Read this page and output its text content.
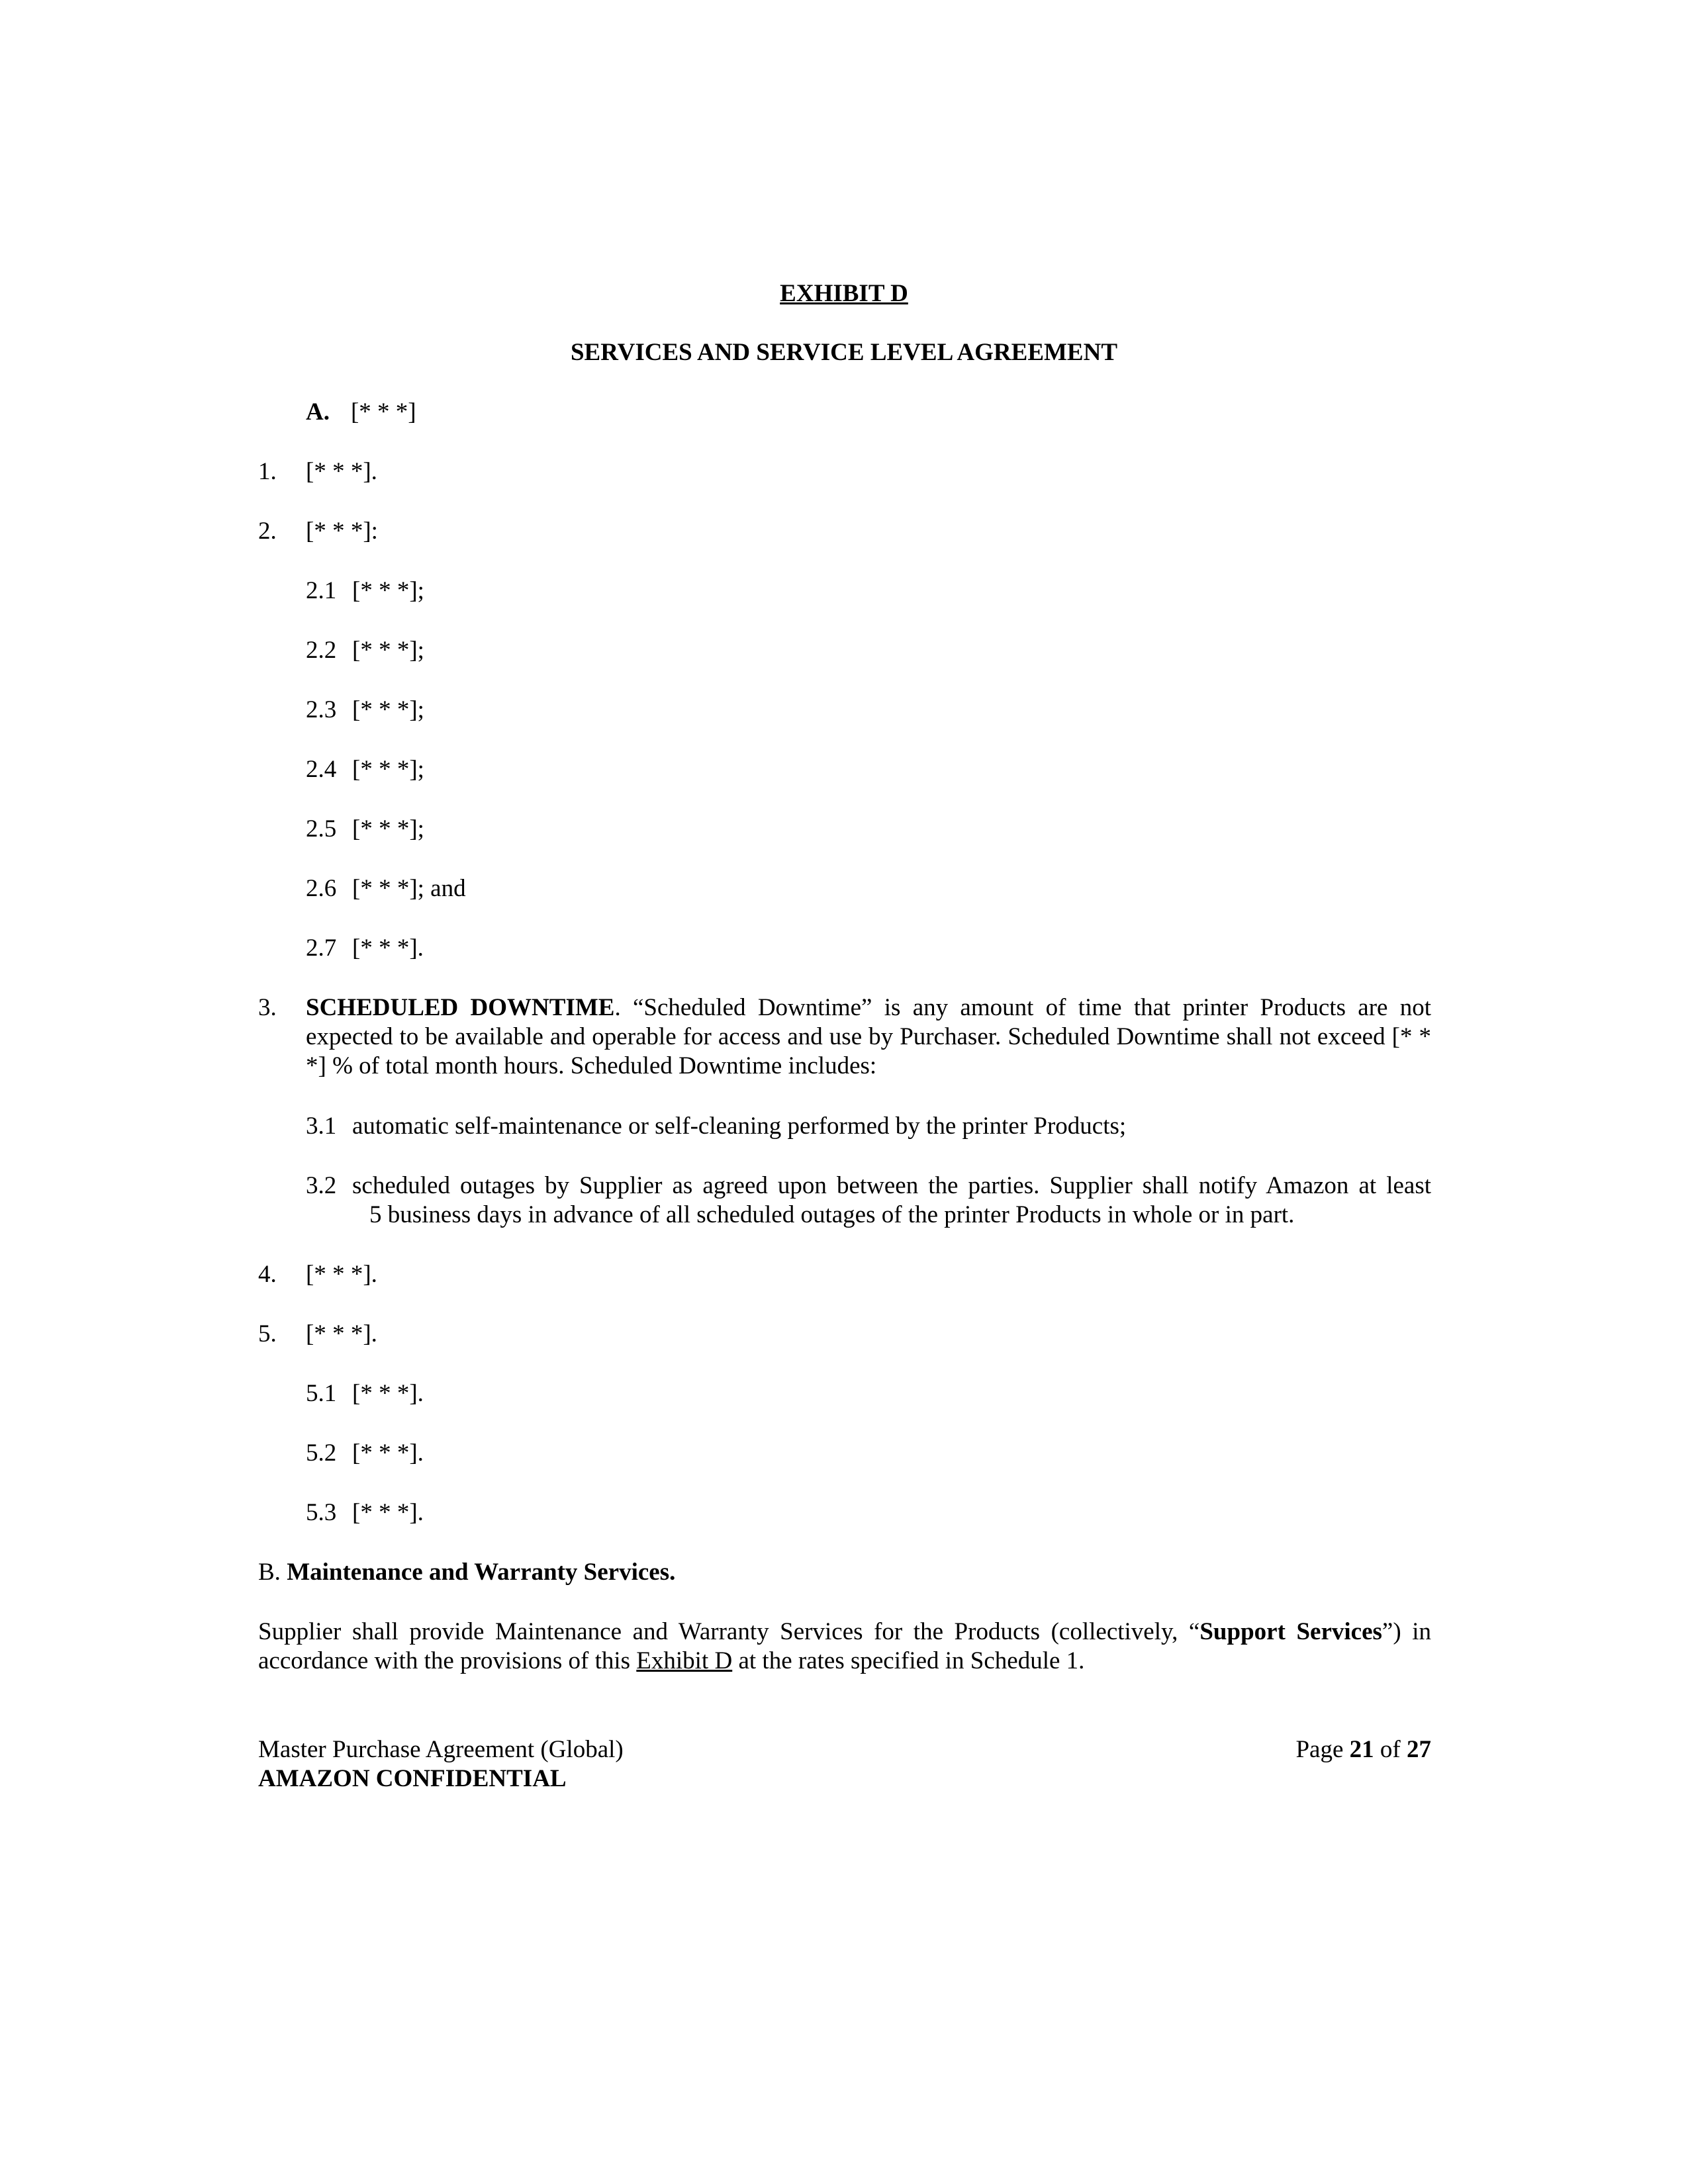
EXHIBIT D
SERVICES AND SERVICE LEVEL AGREEMENT
A. [* * *]
1. [* * *].
2. [* * *]:
2.1 [* * *];
2.2 [* * *];
2.3 [* * *];
2.4 [* * *];
2.5 [* * *];
2.6 [* * *]; and
2.7 [* * *].
3. SCHEDULED DOWNTIME. “Scheduled Downtime” is any amount of time that printer Products are not expected to be available and operable for access and use by Purchaser. Scheduled Downtime shall not exceed [* * *] % of total month hours. Scheduled Downtime includes:
3.1 automatic self-maintenance or self-cleaning performed by the printer Products;
3.2 scheduled outages by Supplier as agreed upon between the parties. Supplier shall notify Amazon at least
5 business days in advance of all scheduled outages of the printer Products in whole or in part.
4. [* * *].
5. [* * *].
5.1 [* * *].
5.2 [* * *].
5.3 [* * *].
B. Maintenance and Warranty Services.
Supplier shall provide Maintenance and Warranty Services for the Products (collectively, “Support Services”) in accordance with the provisions of this Exhibit D at the rates specified in Schedule 1.
Master Purchase Agreement (Global)
AMAZON CONFIDENTIAL
Page 21 of 27
